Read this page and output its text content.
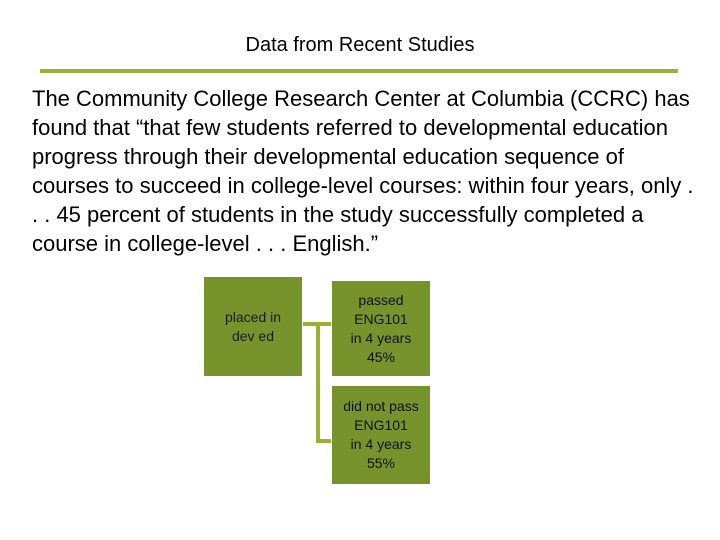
Data from Recent Studies
The Community College Research Center at Columbia (CCRC) has found that “that few students referred to developmental education progress through their developmental education sequence of courses to succeed in college-level courses: within four years, only . . . 45 percent of students in the study successfully completed a course in college-level . . . English.”
placed in
dev ed
passed
ENG101
in 4 years
45%
did not pass
ENG101
in 4 years
55%
